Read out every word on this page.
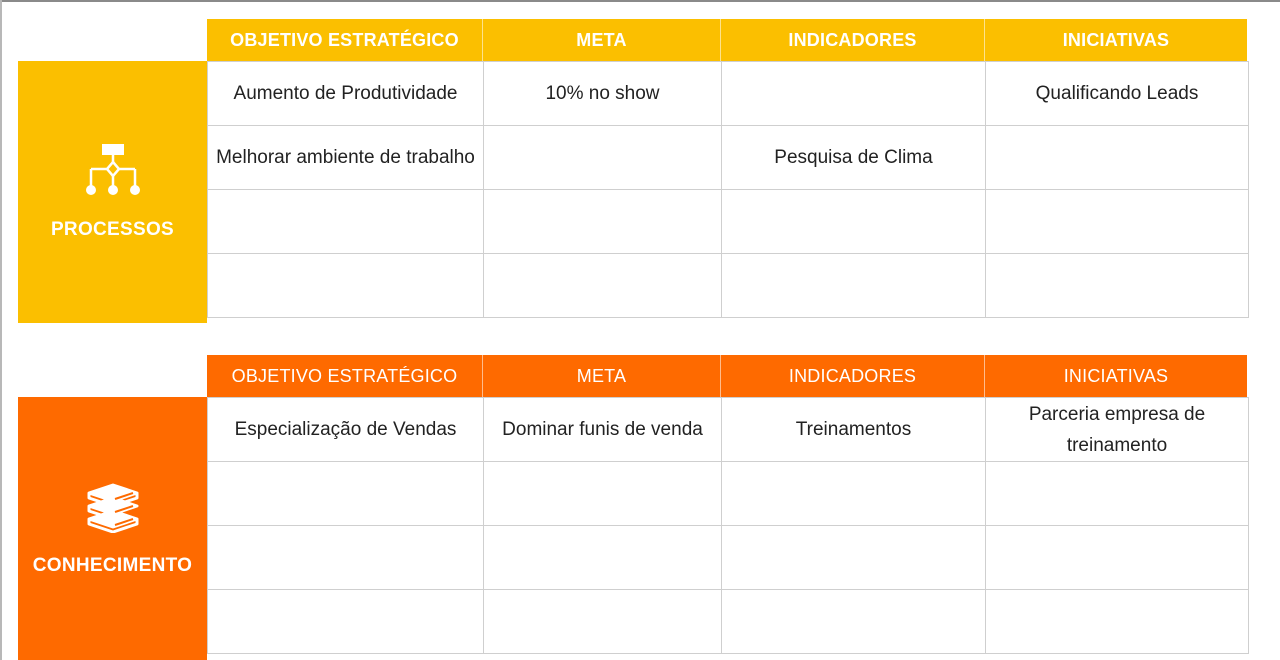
OBJETIVO ESTRATÉGICO	META	INDICADORES	INICIATIVAS
PROCESSOS
Aumento de Produtividade	10% no show		Qualificando Leads
Melhorar ambiente de trabalho		Pesquisa de Clima	

OBJETIVO ESTRATÉGICO	META	INDICADORES	INICIATIVAS
CONHECIMENTO
Especialização de Vendas	Dominar funis de venda	Treinamentos	Parceria empresa de treinamento
